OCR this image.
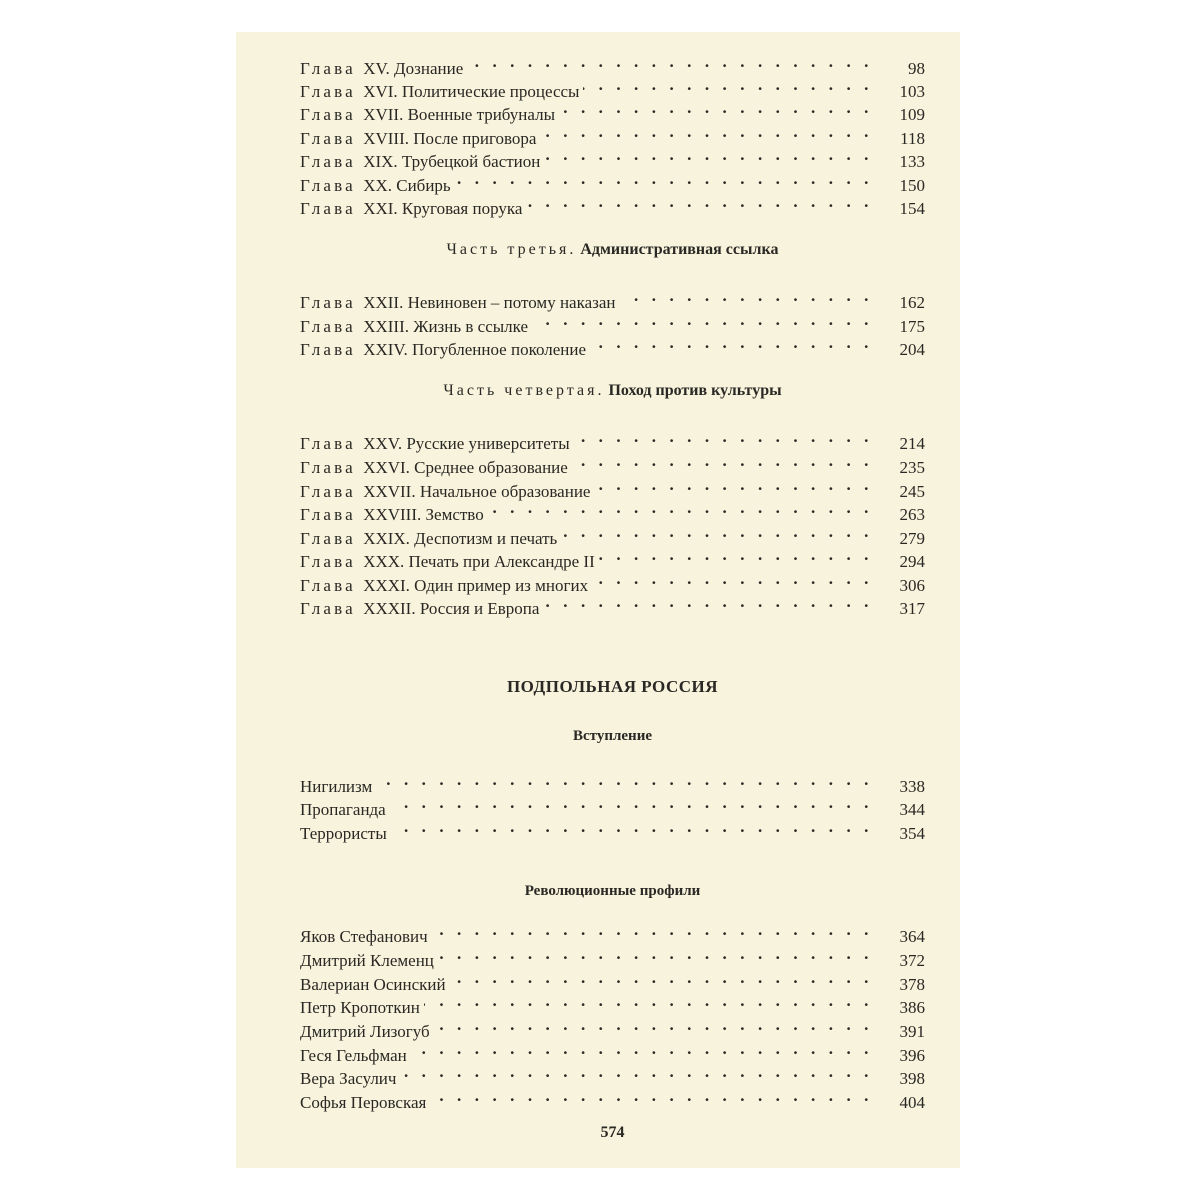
Глава XV. Дознание . . .	98
Глава XVI. Политические процессы . . .	103
Глава XVII. Военные трибуналы . . .	109
Глава XVIII. После приговора . . .	118
Глава XIX. Трубецкой бастион . . .	133
Глава XX. Сибирь . . .	150
Глава XXI. Круговая порука . . .	154
Часть третья. Административная ссылка
Глава XXII. Невиновен – потому наказан . . .	162
Глава XXIII. Жизнь в ссылке . . .	175
Глава XXIV. Погубленное поколение . . .	204
Часть четвертая. Поход против культуры
Глава XXV. Русские университеты . . .	214
Глава XXVI. Среднее образование . . .	235
Глава XXVII. Начальное образование . . .	245
Глава XXVIII. Земство . . .	263
Глава XXIX. Деспотизм и печать . . .	279
Глава XXX. Печать при Александре II . . .	294
Глава XXXI. Один пример из многих . . .	306
Глава XXXII. Россия и Европа . . .	317
ПОДПОЛЬНАЯ РОССИЯ
Вступление
Нигилизм . . .	338
Пропаганда . . .	344
Террористы . . .	354
Революционные профили
Яков Стефанович . . .	364
Дмитрий Клеменц . . .	372
Валериан Осинский . . .	378
Петр Кропоткин . . .	386
Дмитрий Лизогуб . . .	391
Геся Гельфман . . .	396
Вера Засулич . . .	398
Софья Перовская . . .	404
574
